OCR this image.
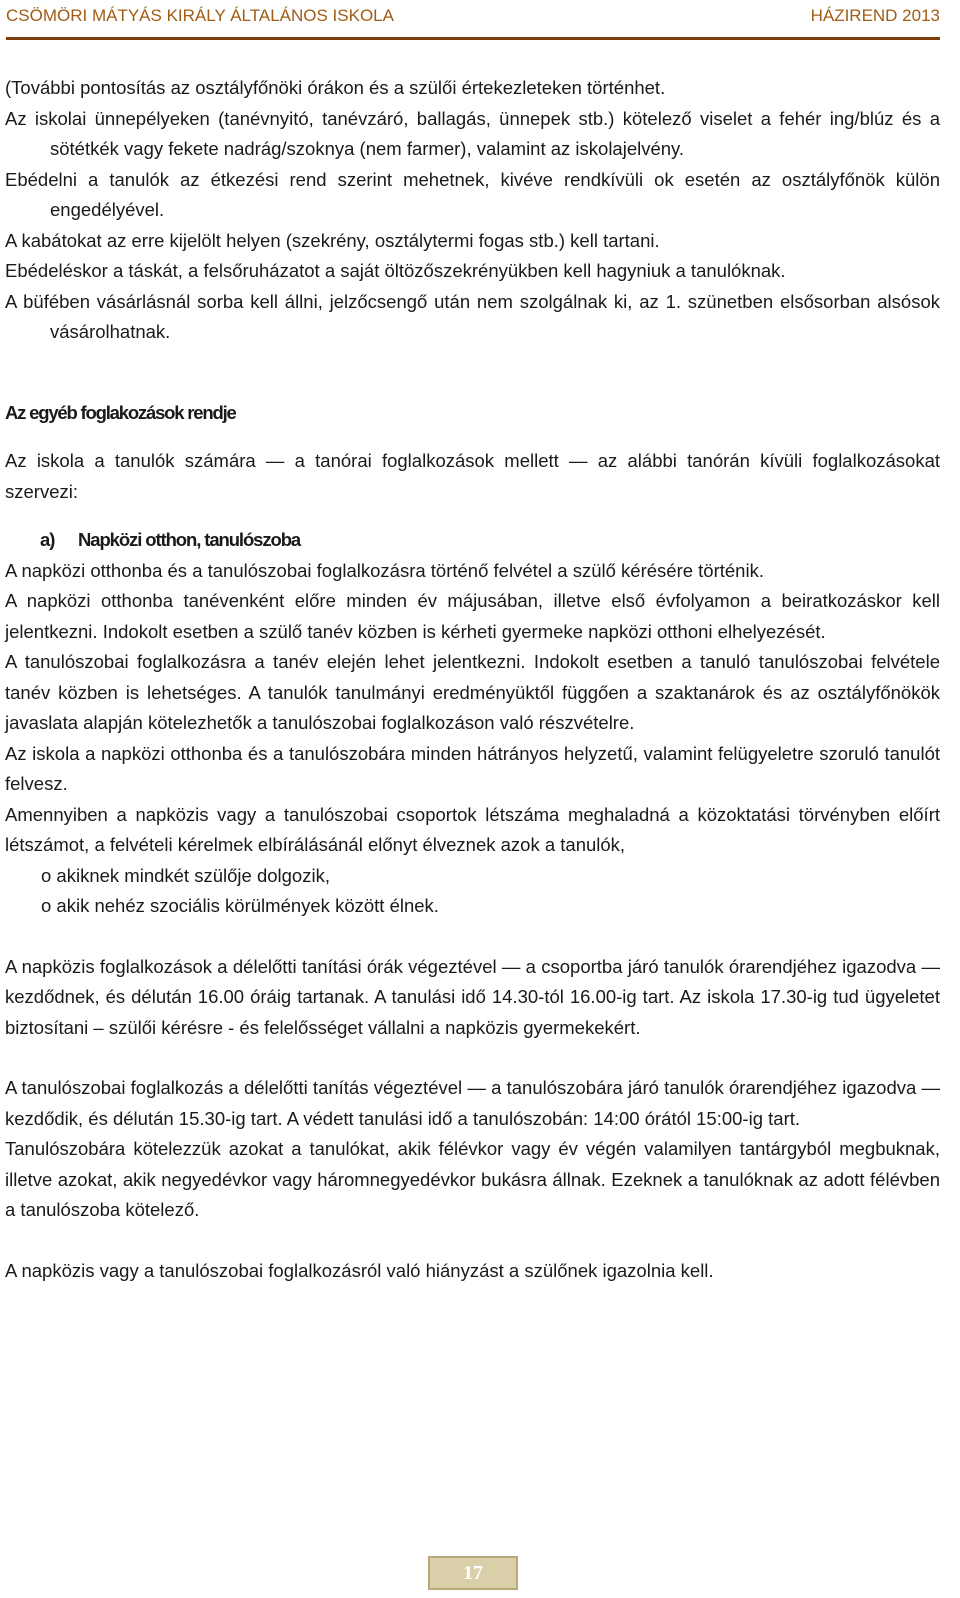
CSÖMÖRI MÁTYÁS KIRÁLY ÁLTALÁNOS ISKOLA	HÁZIREND 2013

(További pontosítás az osztályfőnöki órákon és a szülői értekezleteken történhet.

Az iskolai ünnepélyeken (tanévnyitó, tanévzáró, ballagás, ünnepek stb.) kötelező viselet a fehér ing/blúz és a sötétkék vagy fekete nadrág/szoknya (nem farmer), valamint az iskolajelvény.

Ebédelni a tanulók az étkezési rend szerint mehetnek, kivéve rendkívüli ok esetén az osztályfőnök külön engedélyével.

A kabátokat az erre kijelölt helyen (szekrény, osztálytermi fogas stb.) kell tartani.

Ebédeléskor a táskát, a felsőruházatot a saját öltözőszekrényükben kell hagyniuk a tanulóknak.

A büfében vásárlásnál sorba kell állni, jelzőcsengő után nem szolgálnak ki, az 1. szünetben elsősorban alsósok vásárolhatnak.

Az egyéb foglakozások rendje

Az iskola a tanulók számára — a tanórai foglalkozások mellett — az alábbi tanórán kívüli foglalkozásokat szervezi:

a) Napközi otthon, tanulószoba

A napközi otthonba és a tanulószobai foglalkozásra történő felvétel a szülő kérésére történik.

A napközi otthonba tanévenként előre minden év májusában, illetve első évfolyamon a beiratkozáskor kell jelentkezni. Indokolt esetben a szülő tanév közben is kérheti gyermeke napközi otthoni elhelyezését.

A tanulószobai foglalkozásra a tanév elején lehet jelentkezni. Indokolt esetben a tanuló tanulószobai felvétele tanév közben is lehetséges. A tanulók tanulmányi eredményüktől függően a szaktanárok és az osztályfőnökök javaslata alapján kötelezhetők a tanulószobai foglalkozáson való részvételre.

Az iskola a napközi otthonba és a tanulószobára minden hátrányos helyzetű, valamint felügyeletre szoruló tanulót felvesz.

Amennyiben a napközis vagy a tanulószobai csoportok létszáma meghaladná a közoktatási törvényben előírt létszámot, a felvételi kérelmek elbírálásánál előnyt élveznek azok a tanulók,

o akiknek mindkét szülője dolgozik,

o akik nehéz szociális körülmények között élnek.

A napközis foglalkozások a délelőtti tanítási órák végeztével — a csoportba járó tanulók órarendjéhez igazodva — kezdődnek, és délután 16.00 óráig tartanak. A tanulási idő 14.30-tól 16.00-ig tart. Az iskola 17.30-ig tud ügyeletet biztosítani – szülői kérésre - és felelősséget vállalni a napközis gyermekekért.

A tanulószobai foglalkozás a délelőtti tanítás végeztével — a tanulószobára járó tanulók órarendjéhez igazodva — kezdődik, és délután 15.30-ig tart. A védett tanulási idő a tanulószobán: 14:00 órától 15:00-ig tart.

Tanulószobára kötelezzük azokat a tanulókat, akik félévkor vagy év végén valamilyen tantárgyból megbuknak, illetve azokat, akik negyedévkor vagy háromnegyedévkor bukásra állnak. Ezeknek a tanulóknak az adott félévben a tanulószoba kötelező.

A napközis vagy a tanulószobai foglalkozásról való hiányzást a szülőnek igazolnia kell.

17
